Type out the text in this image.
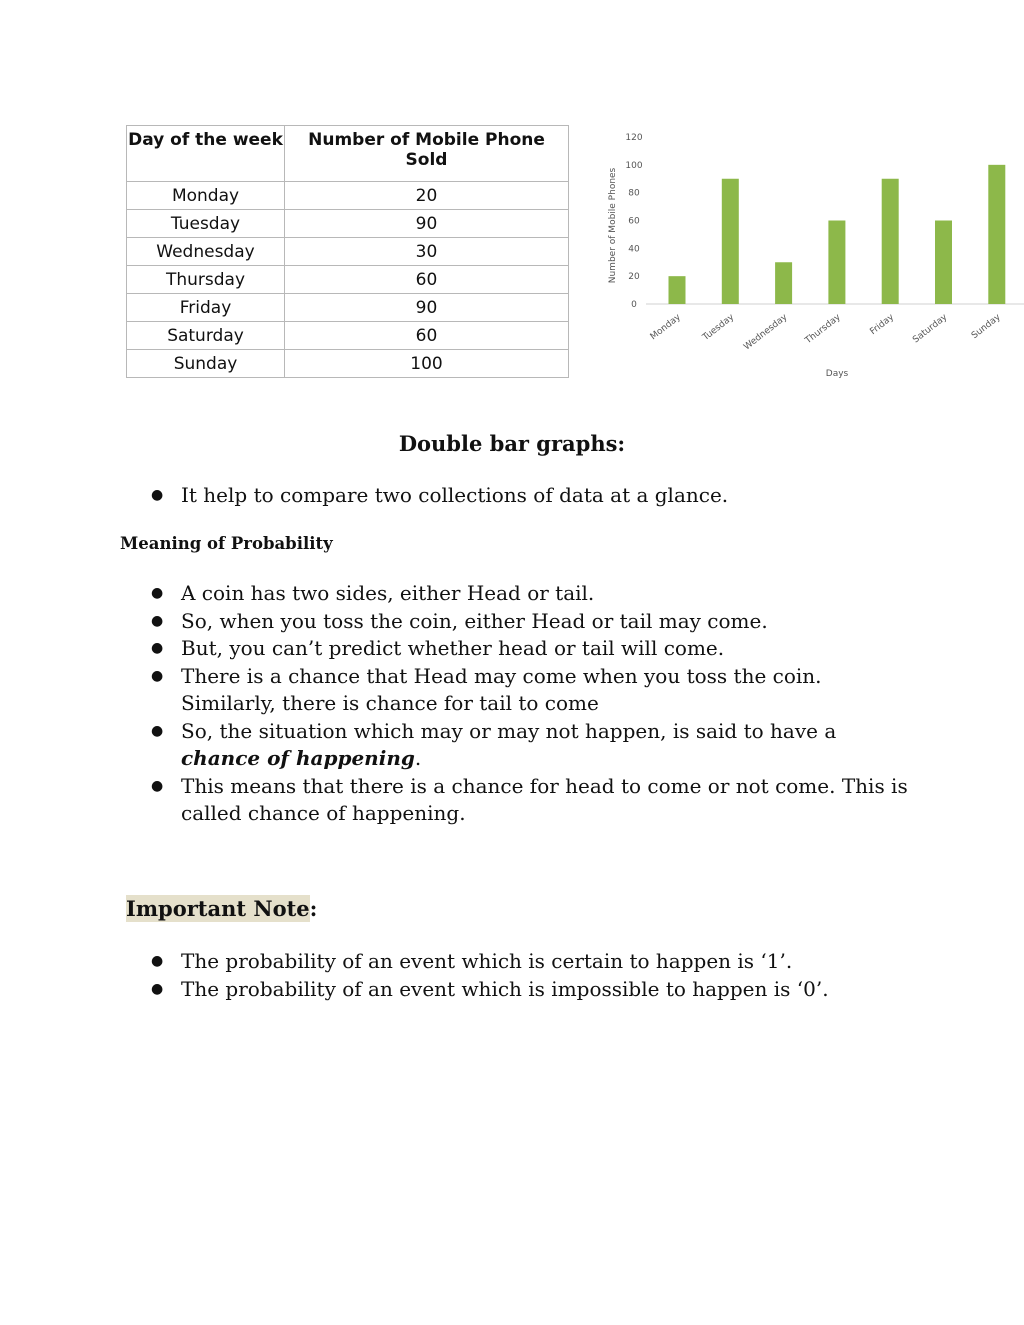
Day of the week	Number of Mobile Phone Sold
Monday	20
Tuesday	90
Wednesday	30
Thursday	60
Friday	90
Saturday	60
Sunday	100
0
20
40
60
80
100
120
Number of Mobile Phones
Monday Tuesday Wednesday Thursday	Friday Saturday Sunday
Days
Double bar graphs:
● It help to compare two collections of data at a glance.
Meaning of Probability
● A coin has two sides, either Head or tail.
● So, when you toss the coin, either Head or tail may come.
● But, you can’t predict whether head or tail will come.
● There is a chance that Head may come when you toss the coin. Similarly, there is chance for tail to come
● So, the situation which may or may not happen, is said to have a chance of happening.
● This means that there is a chance for head to come or not come. This is called chance of happening.
Important Note:
● The probability of an event which is certain to happen is ‘1’.
● The probability of an event which is impossible to happen is ‘0’.
